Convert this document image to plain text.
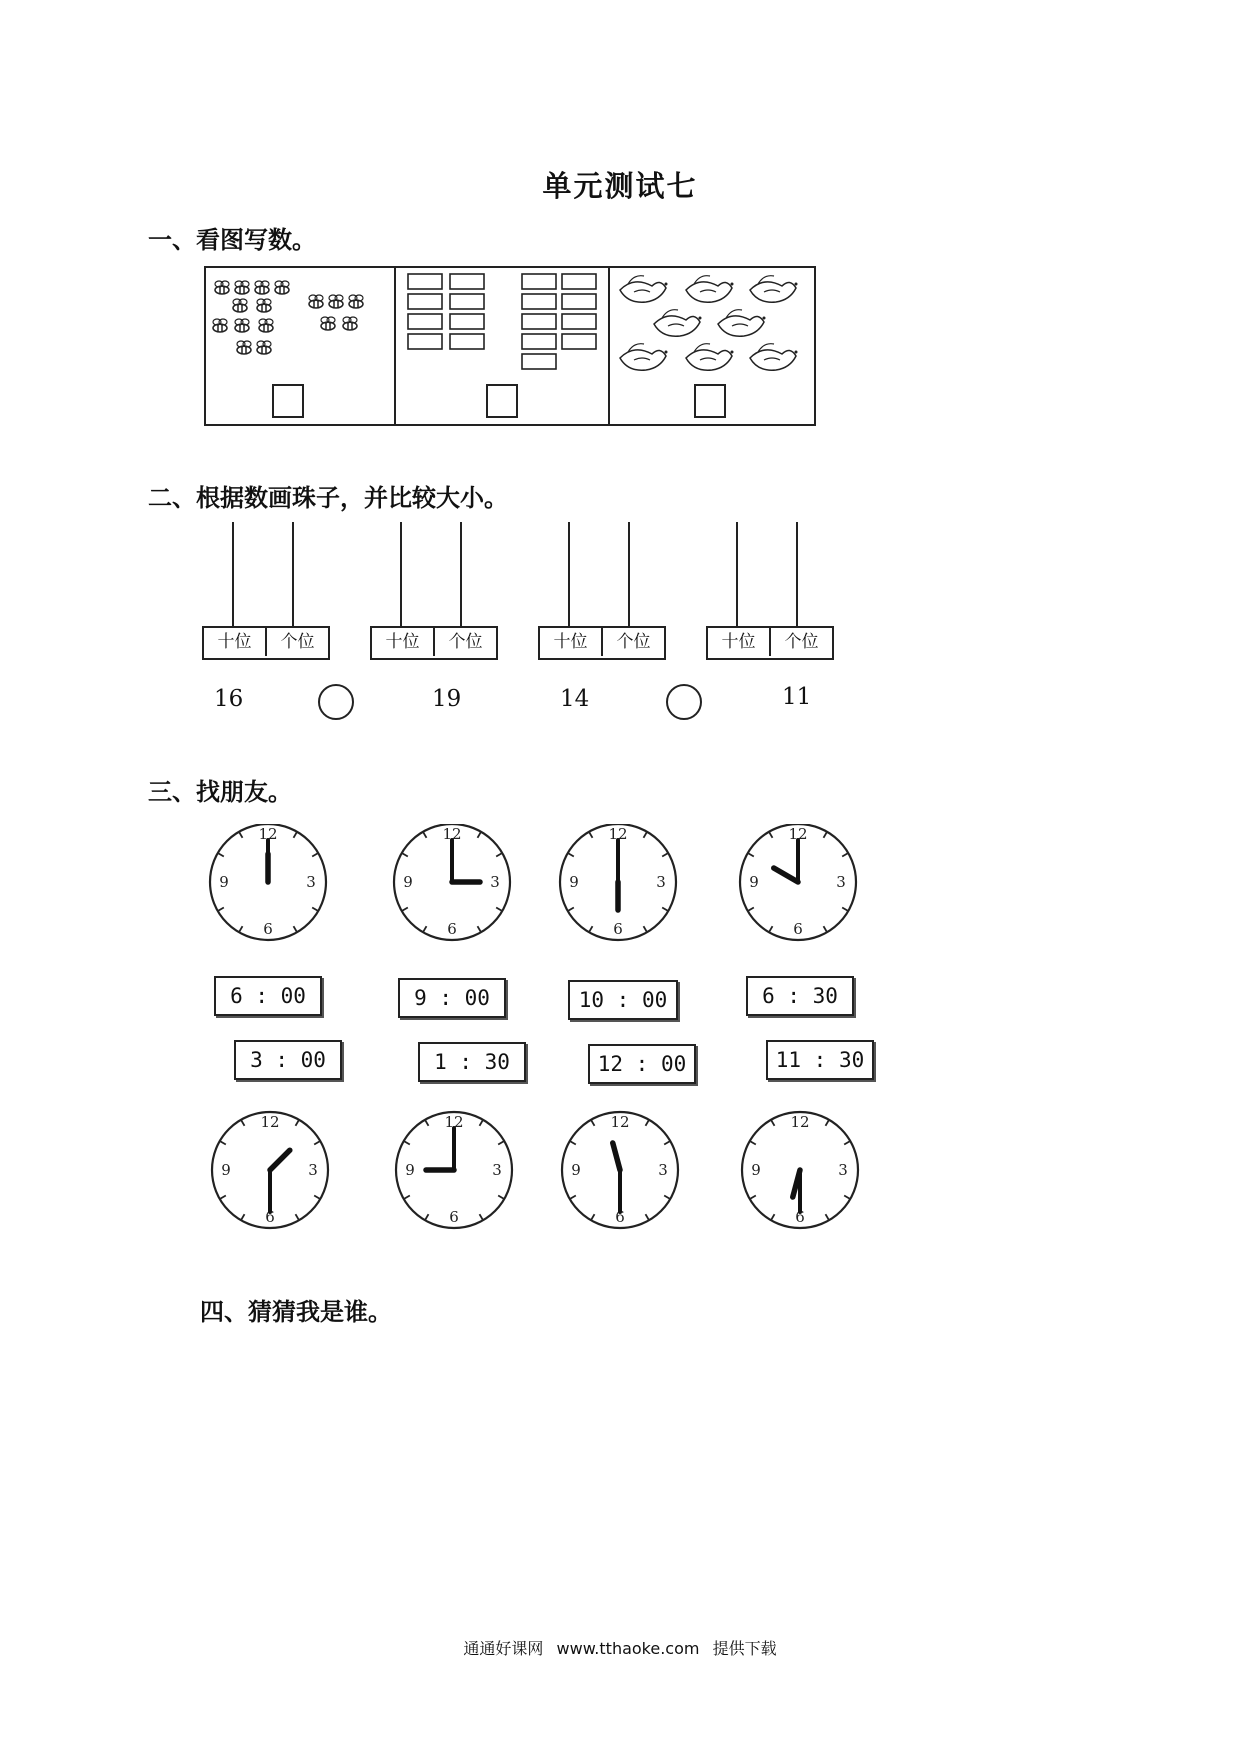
单元测试七
一、看图写数。
二、根据数画珠子，并比较大小。
十位	个位	十位	个位	十位	个位	十位	个位
16	19	14	11
三、找朋友。
12
3
6
9
12
3
6
9
12
3
6
9
12
3
6
9
6 : 00	9 : 00	10 : 00	6 : 30
3 : 00	1 : 30	12 : 00	11 : 30
12
3
6
9
12
3
6
9
12
3
6
9
12
3
6
9
四、猜猜我是谁。
通通好课网 www.tthaoke.com 提供下载
